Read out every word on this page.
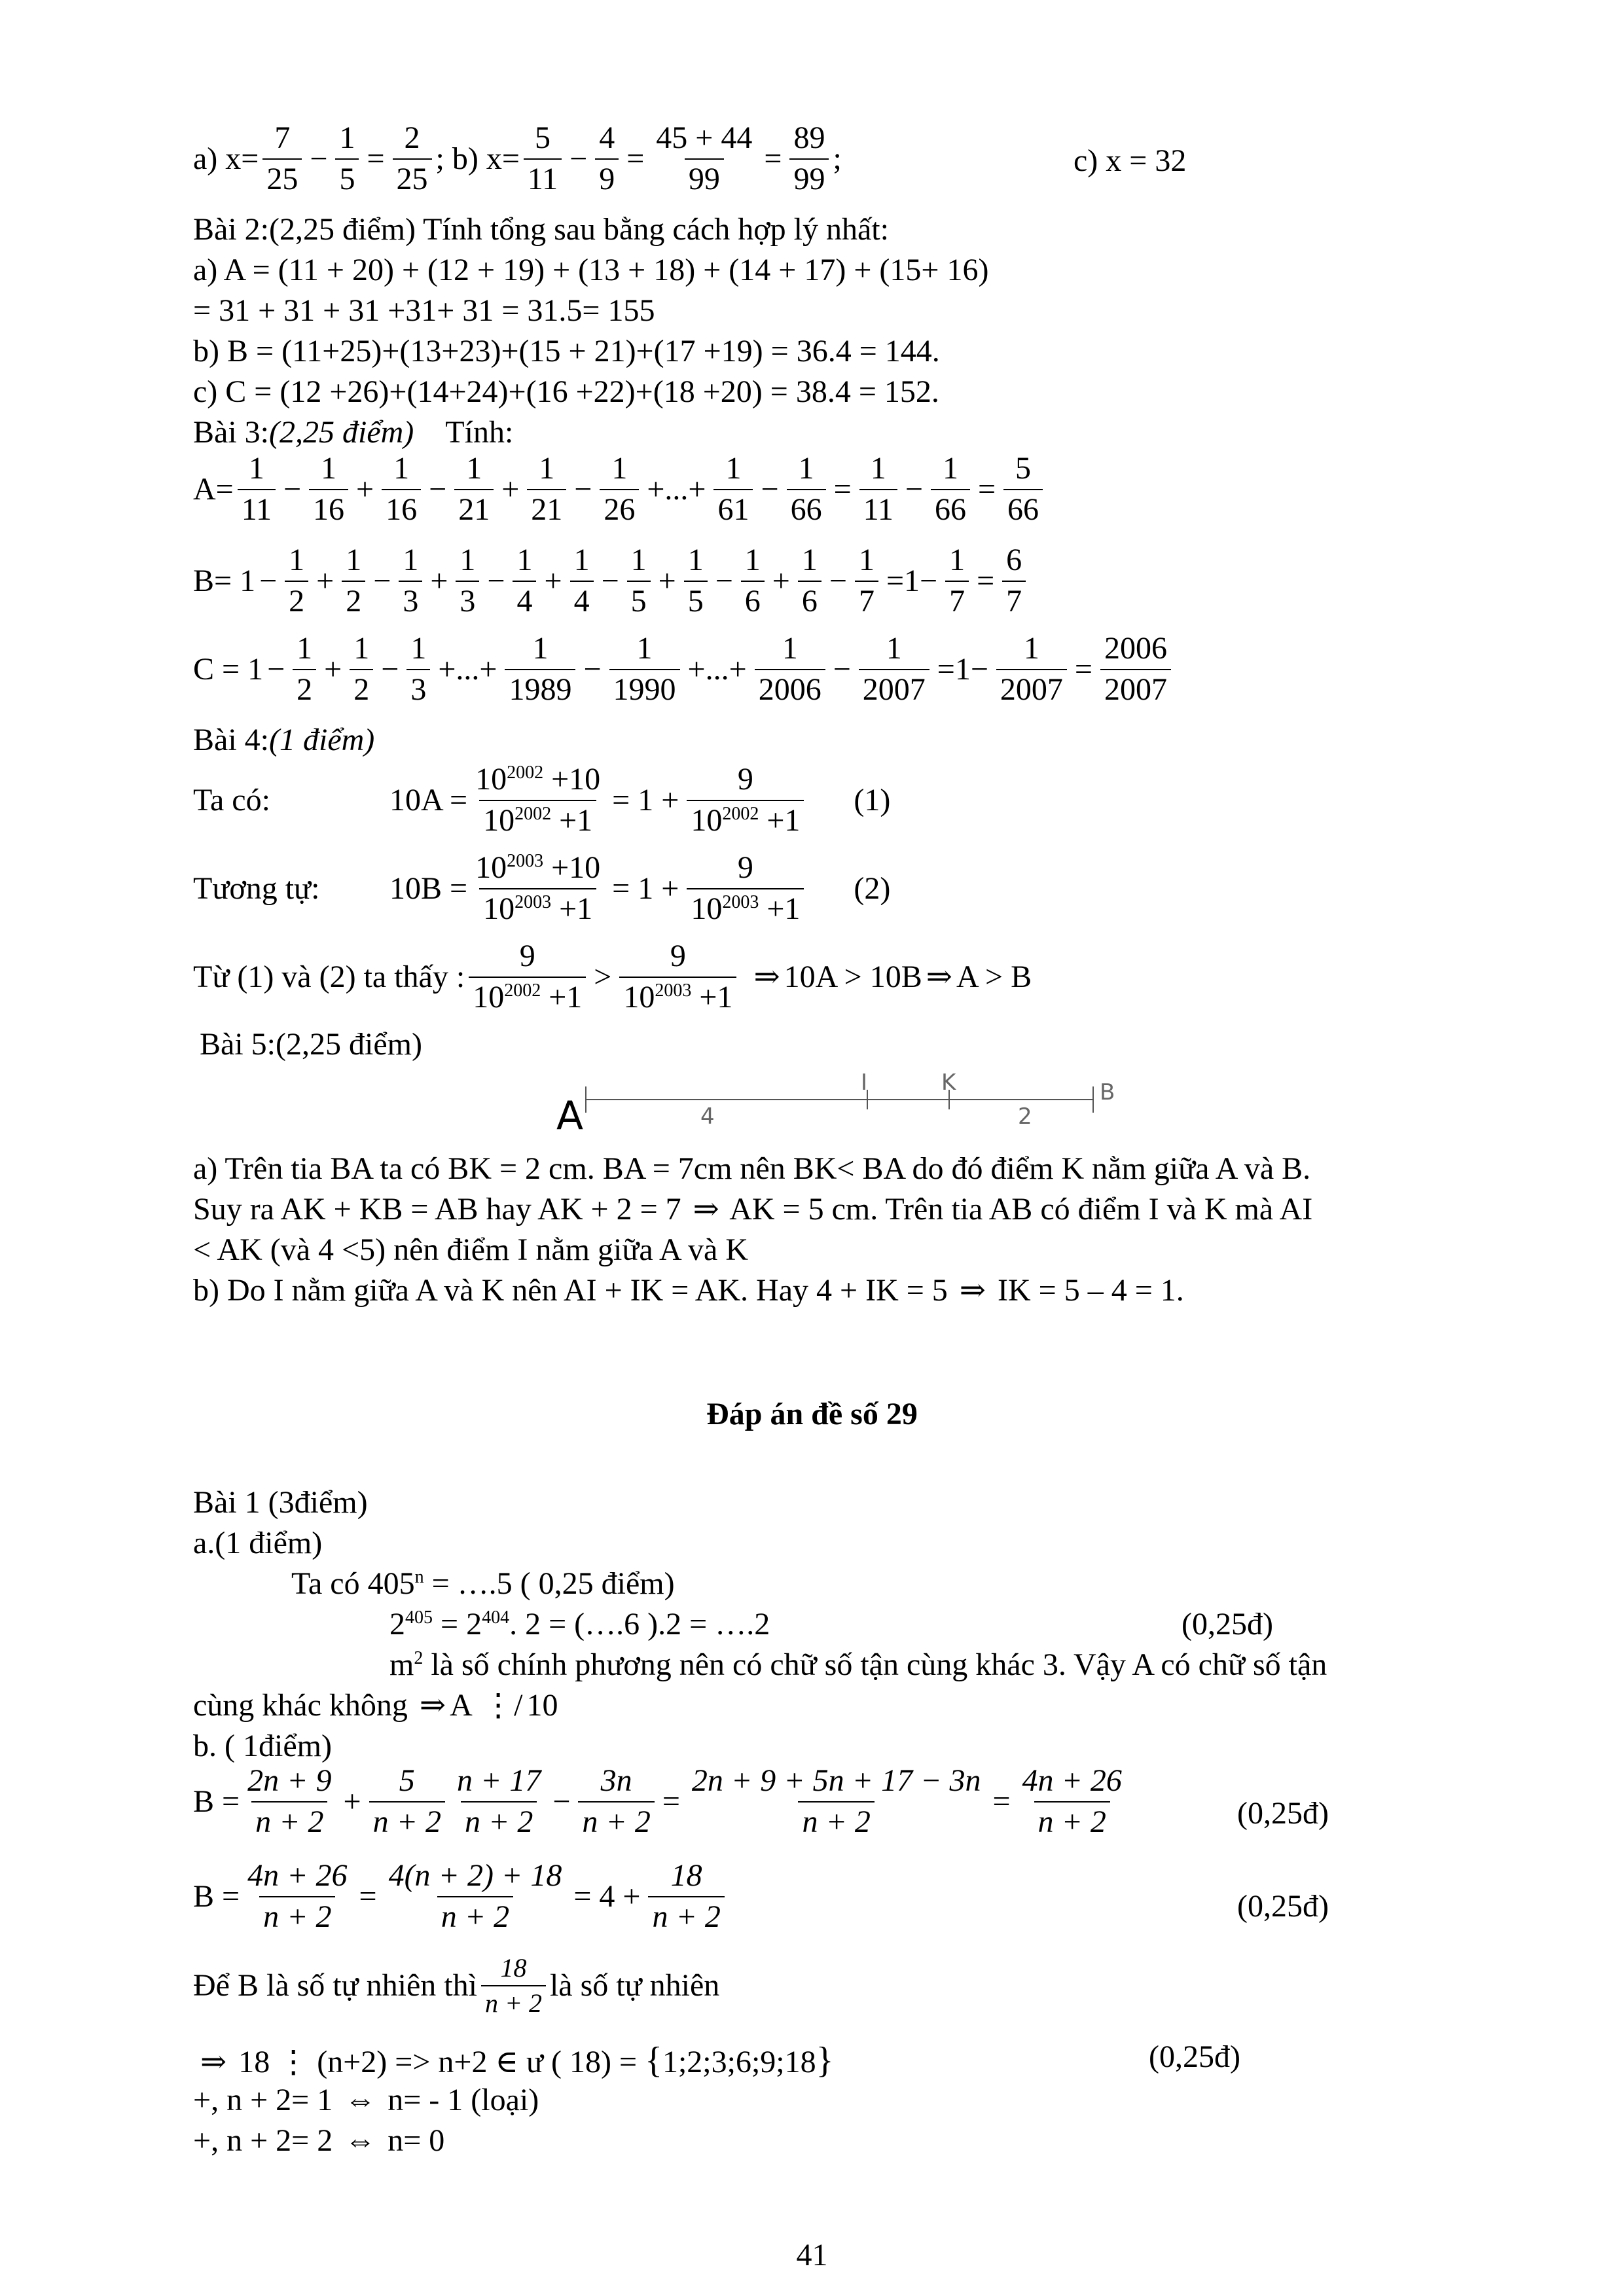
a) $x= \frac{7}{25} - \frac{1}{5} = \frac{2}{25}$ ; b) $x= \frac{5}{11} - \frac{4}{9} = \frac{45 + 44}{99} = \frac{89}{99}$ ;	c) x = 32
Bài 2:(2,25 điểm) Tính tổng sau bằng cách hợp lý nhất:
a) A = (11 + 20) + (12 + 19) + (13 + 18) + (14 + 17) + (15+ 16)
= 31 + 31 + 31 +31+ 31 = 31.5= 155
b) B = (11+25)+(13+23)+(15 + 21)+(17 +19) = 36.4 = 144.
c) C = (12 +26)+(14+24)+(16 +22)+(18 +20) = 38.4 = 152.
Bài 3:(2,25 điểm) Tính:
$A= \frac{1}{11} - \frac{1}{16} + \frac{1}{16} - \frac{1}{21} + \frac{1}{21} - \frac{1}{26}$ +...+ $\frac{1}{61} - \frac{1}{66} = \frac{1}{11} - \frac{1}{66} = \frac{5}{66}$
$B= 1 - \frac{1}{2} + \frac{1}{2} - \frac{1}{3} + \frac{1}{3} - \frac{1}{4} + \frac{1}{4} - \frac{1}{5} + \frac{1}{5} - \frac{1}{6} + \frac{1}{6} - \frac{1}{7} =1- \frac{1}{7} = \frac{6}{7}$
$C = 1 - \frac{1}{2} + \frac{1}{2} - \frac{1}{3}$ +...+ $\frac{1}{1989} - \frac{1}{1990}$ +...+ $\frac{1}{2006} - \frac{1}{2007} =1- \frac{1}{2007} = \frac{2006}{2007}$
Bài 4:(1 điểm)
Ta có:	$10A = \frac{10^{2002} +10}{10^{2002} +1} = 1 + \frac{9}{10^{2002} +1} (1)$
Tương tự:	$10B = \frac{10^{2003} +10}{10^{2003} +1} = 1 + \frac{9}{10^{2003} +1} (2)$
Từ (1) và (2) ta thấy : $\frac{9}{10^{2002} +1} > \frac{9}{10^{2003} +1}$ ⇒ 10A > 10B ⇒ A > B
Bài 5:(2,25 điểm)
A
B
I	K
4	2
a) Trên tia BA ta có BK = 2 cm. BA = 7cm nên BK< BA do đó điểm K nằm giữa A và B.
Suy ra AK + KB = AB hay AK + 2 = 7 ⇒ AK = 5 cm. Trên tia AB có điểm I và K mà AI
< AK (và 4 <5) nên điểm I nằm giữa A và K
b) Do I nằm giữa A và K nên AI + IK = AK. Hay 4 + IK = 5 ⇒ IK = 5 – 4 = 1.
Đáp án đề số 29
Bài 1 (3điểm)
a.(1 điểm)
Ta có $405^n$ = ….5 ( 0,25 điểm)
$2^{405} = 2^{404}$. 2 = (….6 ).2 = ….2	(0,25đ)
$m^2$ là số chính phương nên có chữ số tận cùng khác 3. Vậy A có chữ số tận
cùng khác không ⇒ A ⋮/ 10
b. ( 1điểm)
$B = \frac{2n + 9}{n + 2} + \frac{5}{n + 2} \frac{n + 17}{n + 2} - \frac{3n}{n + 2} = \frac{2n + 9 + 5n + 17 - 3n}{n + 2} = \frac{4n + 26}{n + 2}$	(0,25đ)
$B = \frac{4n + 26}{n + 2} = \frac{4(n + 2) + 18}{n + 2} = 4 + \frac{18}{n + 2}$	(0,25đ)
Để B là số tự nhiên thì $\frac{18}{n + 2}$ là số tự nhiên
⇒ 18 ⋮ (n+2) => n+2 ∈ ư ( 18) = {1;2;3;6;9;18}	(0,25đ)
+, n + 2= 1 ⇔ n= - 1 (loại)
+, n + 2= 2 ⇔ n= 0
41
